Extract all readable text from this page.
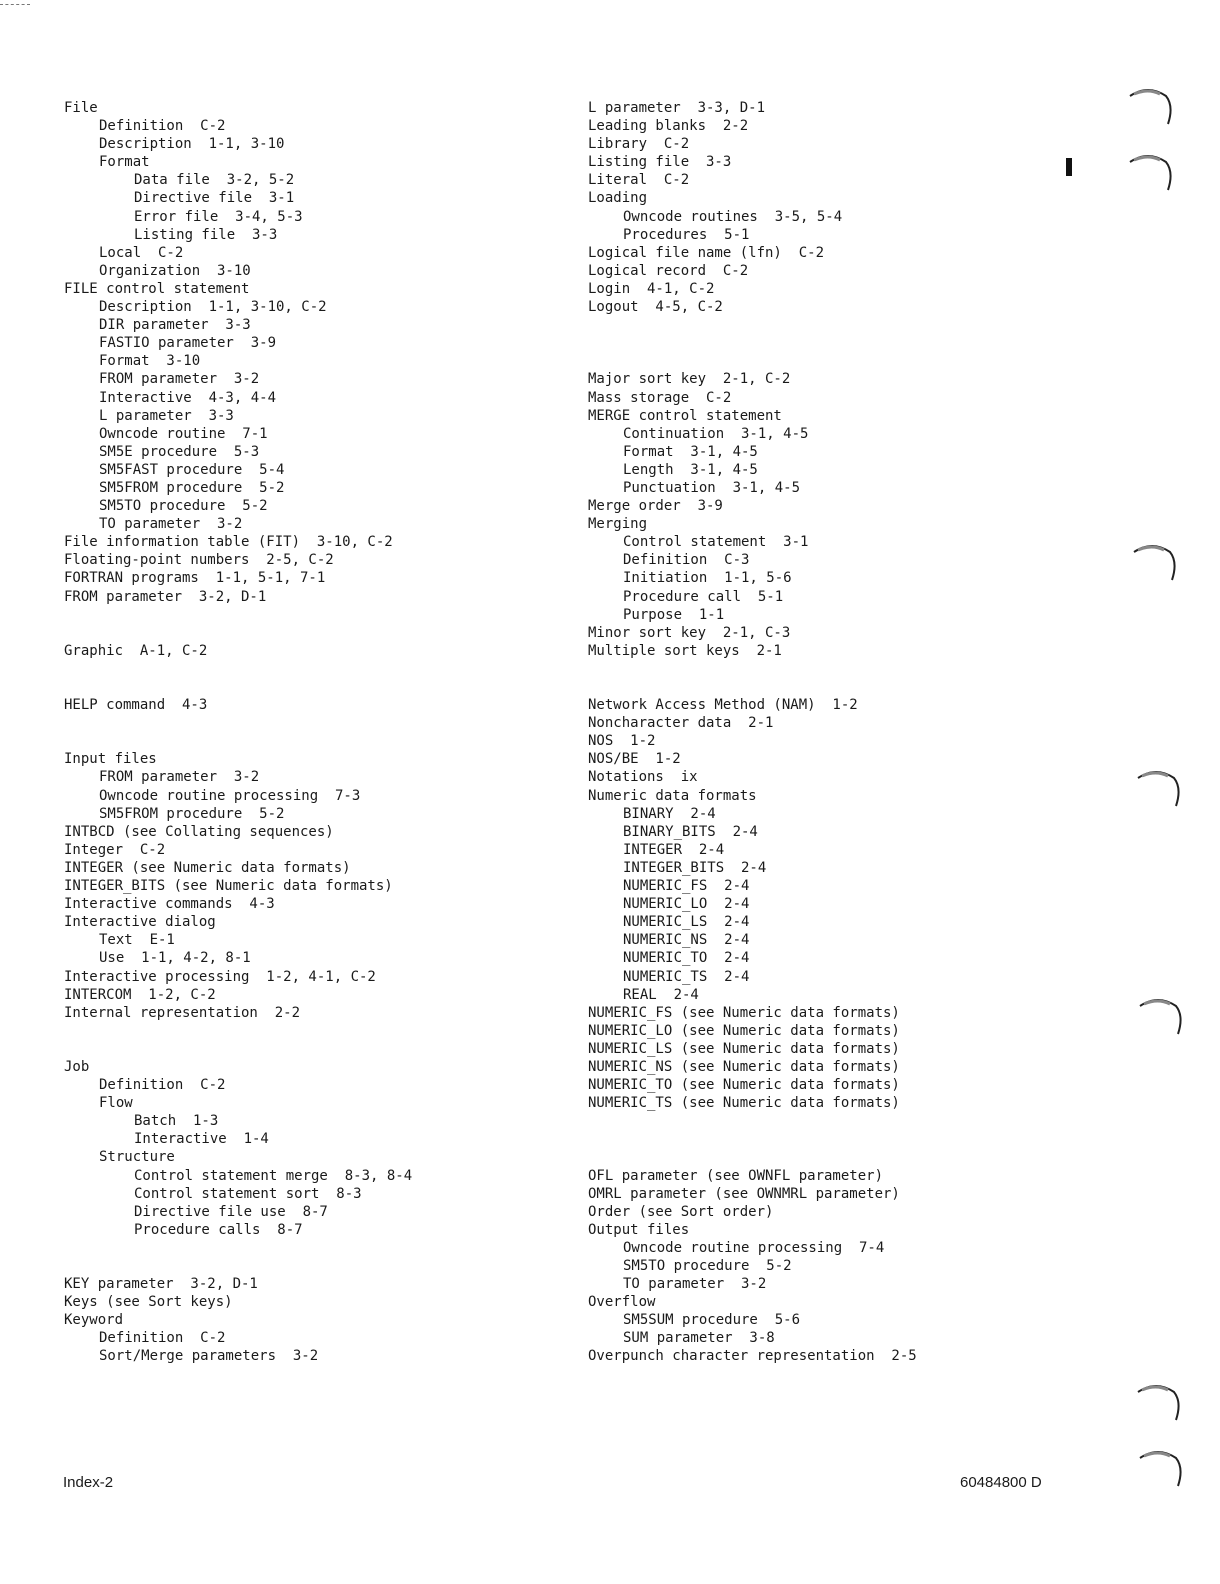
File
Definition  C-2
Description  1-1, 3-10
Format
Data file  3-2, 5-2
Directive file  3-1
Error file  3-4, 5-3
Listing file  3-3
Local  C-2
Organization  3-10
FILE control statement
Description  1-1, 3-10, C-2
DIR parameter  3-3
FASTIO parameter  3-9
Format  3-10
FROM parameter  3-2
Interactive  4-3, 4-4
L parameter  3-3
Owncode routine  7-1
SM5E procedure  5-3
SM5FAST procedure  5-4
SM5FROM procedure  5-2
SM5TO procedure  5-2
TO parameter  3-2
File information table (FIT)  3-10, C-2
Floating-point numbers  2-5, C-2
FORTRAN programs  1-1, 5-1, 7-1
FROM parameter  3-2, D-1
Graphic  A-1, C-2
HELP command  4-3
Input files
FROM parameter  3-2
Owncode routine processing  7-3
SM5FROM procedure  5-2
INTBCD (see Collating sequences)
Integer  C-2
INTEGER (see Numeric data formats)
INTEGER_BITS (see Numeric data formats)
Interactive commands  4-3
Interactive dialog
Text  E-1
Use  1-1, 4-2, 8-1
Interactive processing  1-2, 4-1, C-2
INTERCOM  1-2, C-2
Internal representation  2-2
Job
Definition  C-2
Flow
Batch  1-3
Interactive  1-4
Structure
Control statement merge  8-3, 8-4
Control statement sort  8-3
Directive file use  8-7
Procedure calls  8-7
KEY parameter  3-2, D-1
Keys (see Sort keys)
Keyword
Definition  C-2
Sort/Merge parameters  3-2
L parameter  3-3, D-1
Leading blanks  2-2
Library  C-2
Listing file  3-3
Literal  C-2
Loading
Owncode routines  3-5, 5-4
Procedures  5-1
Logical file name (lfn)  C-2
Logical record  C-2
Login  4-1, C-2
Logout  4-5, C-2
Major sort key  2-1, C-2
Mass storage  C-2
MERGE control statement
Continuation  3-1, 4-5
Format  3-1, 4-5
Length  3-1, 4-5
Punctuation  3-1, 4-5
Merge order  3-9
Merging
Control statement  3-1
Definition  C-3
Initiation  1-1, 5-6
Procedure call  5-1
Purpose  1-1
Minor sort key  2-1, C-3
Multiple sort keys  2-1
Network Access Method (NAM)  1-2
Noncharacter data  2-1
NOS  1-2
NOS/BE  1-2
Notations  ix
Numeric data formats
BINARY  2-4
BINARY_BITS  2-4
INTEGER  2-4
INTEGER_BITS  2-4
NUMERIC_FS  2-4
NUMERIC_LO  2-4
NUMERIC_LS  2-4
NUMERIC_NS  2-4
NUMERIC_TO  2-4
NUMERIC_TS  2-4
REAL  2-4
NUMERIC_FS (see Numeric data formats)
NUMERIC_LO (see Numeric data formats)
NUMERIC_LS (see Numeric data formats)
NUMERIC_NS (see Numeric data formats)
NUMERIC_TO (see Numeric data formats)
NUMERIC_TS (see Numeric data formats)
OFL parameter (see OWNFL parameter)
OMRL parameter (see OWNMRL parameter)
Order (see Sort order)
Output files
Owncode routine processing  7-4
SM5TO procedure  5-2
TO parameter  3-2
Overflow
SM5SUM procedure  5-6
SUM parameter  3-8
Overpunch character representation  2-5
Index-2	60484800 D
